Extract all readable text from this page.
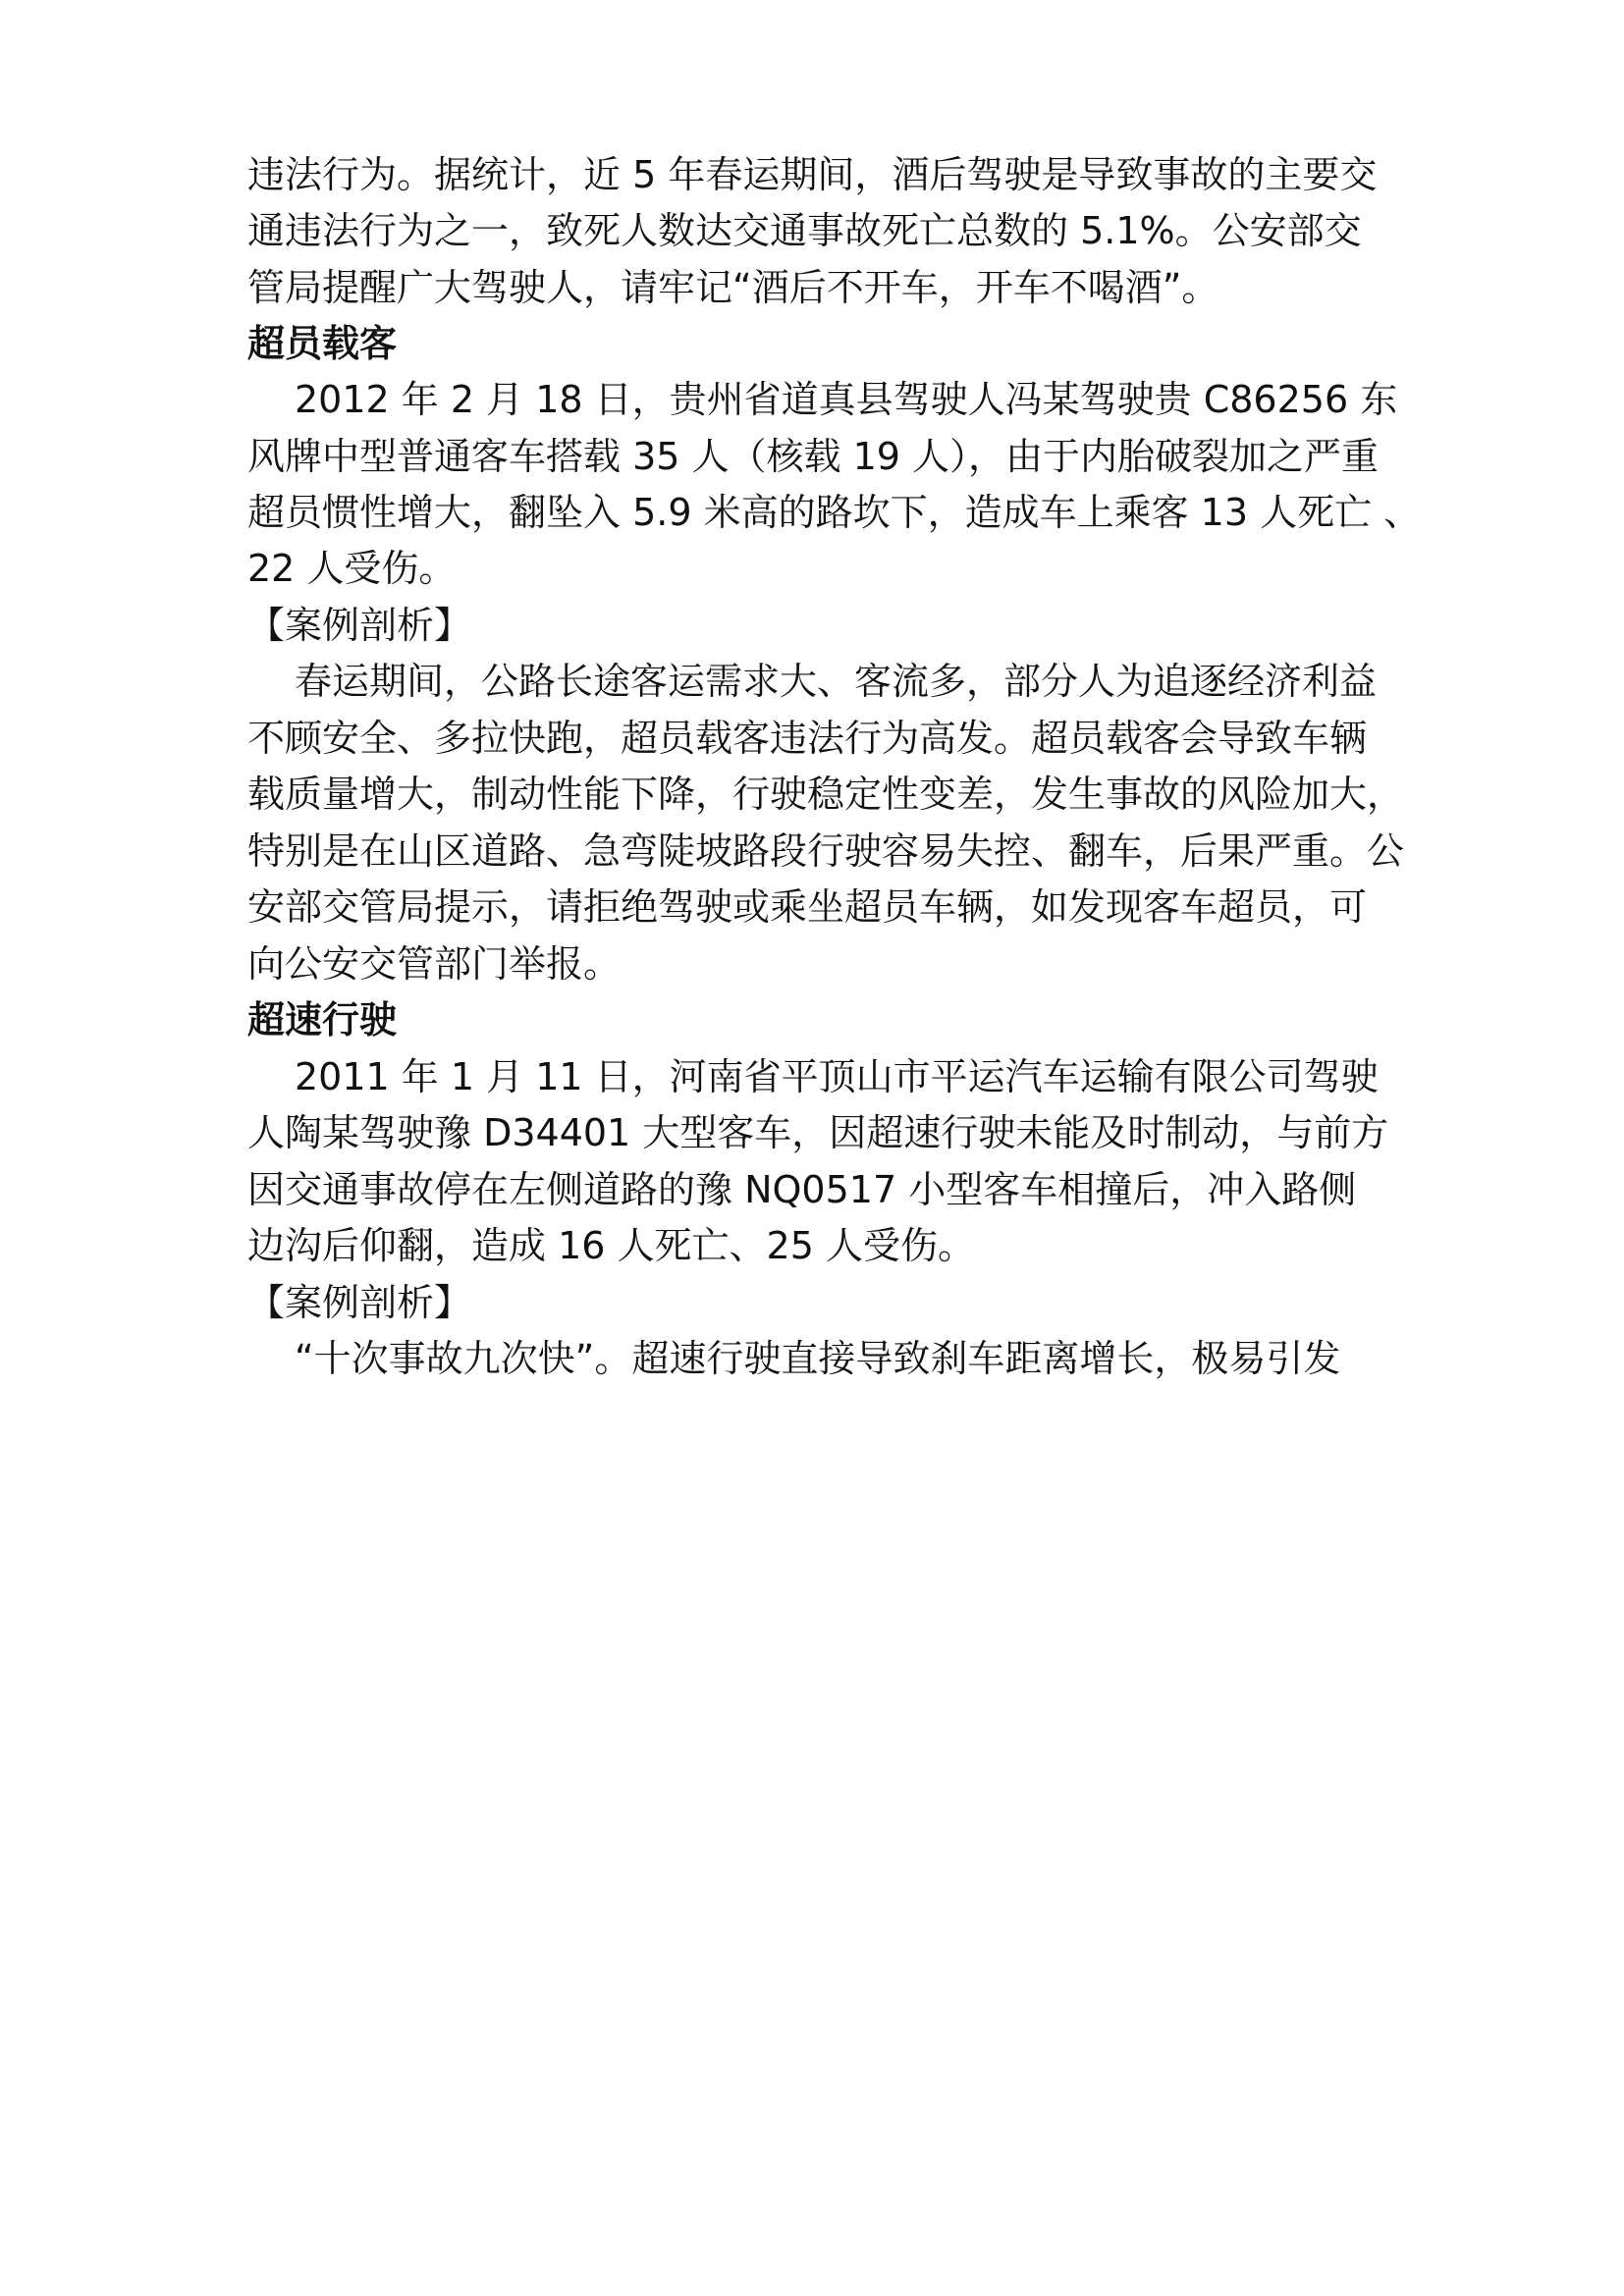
违法行为。据统计，近 5 年春运期间，酒后驾驶是导致事故的主要交
通违法行为之一，致死人数达交通事故死亡总数的 5.1%。公安部交
管局提醒广大驾驶人，请牢记“酒后不开车，开车不喝酒”。
超员载客
2012 年 2 月 18 日，贵州省道真县驾驶人冯某驾驶贵 C86256 东
风牌中型普通客车搭载 35 人（核载 19 人），由于内胎破裂加之严重
超员惯性增大，翻坠入 5.9 米高的路坎下，造成车上乘客 13 人死亡 、
22 人受伤。
【案例剖析】
春运期间，公路长途客运需求大、客流多，部分人为追逐经济利益
不顾安全、多拉快跑，超员载客违法行为高发。超员载客会导致车辆
载质量增大，制动性能下降，行驶稳定性变差，发生事故的风险加大，
特别是在山区道路、急弯陡坡路段行驶容易失控、翻车，后果严重。公
安部交管局提示，请拒绝驾驶或乘坐超员车辆，如发现客车超员，可
向公安交管部门举报。
超速行驶
2011 年 1 月 11 日，河南省平顶山市平运汽车运输有限公司驾驶
人陶某驾驶豫 D34401 大型客车，因超速行驶未能及时制动，与前方
因交通事故停在左侧道路的豫 NQ0517 小型客车相撞后，冲入路侧
边沟后仰翻，造成 16 人死亡、25 人受伤。
【案例剖析】
“十次事故九次快”。超速行驶直接导致刹车距离增长，极易引发
